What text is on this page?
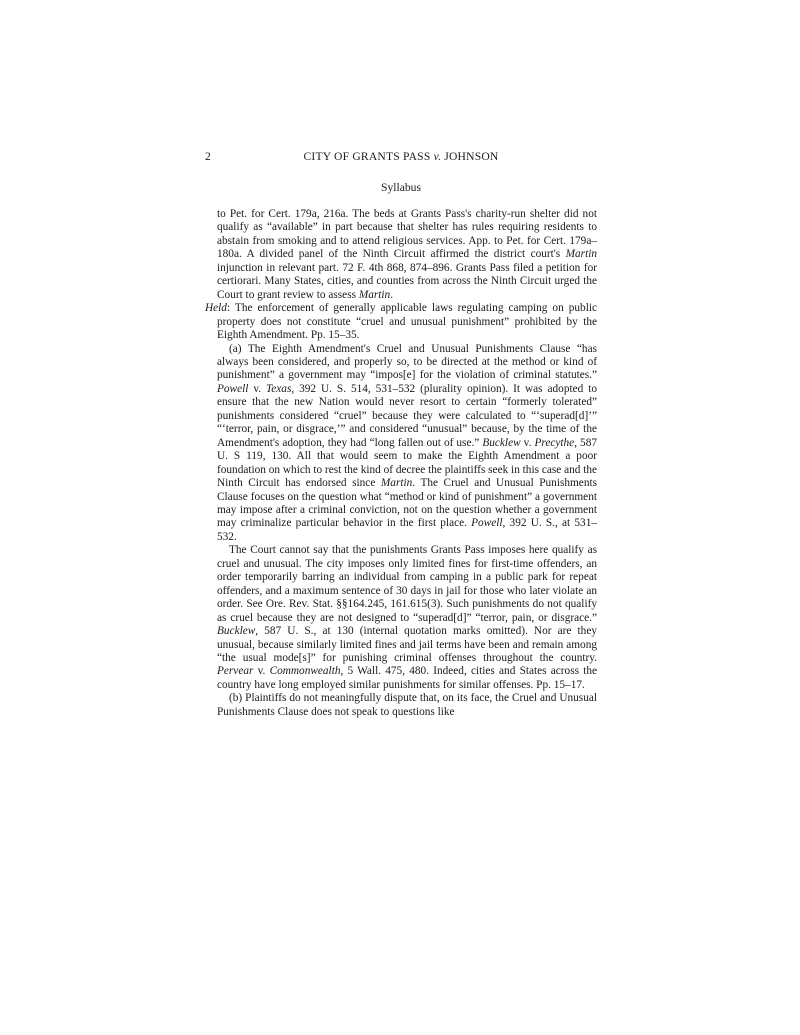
2	CITY OF GRANTS PASS v. JOHNSON
Syllabus

to Pet. for Cert. 179a, 216a. The beds at Grants Pass's charity-run shelter did not qualify as “available” in part because that shelter has rules requiring residents to abstain from smoking and to attend religious services. App. to Pet. for Cert. 179a–180a. A divided panel of the Ninth Circuit affirmed the district court's Martin injunction in relevant part. 72 F. 4th 868, 874–896. Grants Pass filed a petition for certiorari. Many States, cities, and counties from across the Ninth Circuit urged the Court to grant review to assess Martin.

Held: The enforcement of generally applicable laws regulating camping on public property does not constitute “cruel and unusual punishment” prohibited by the Eighth Amendment. Pp. 15–35.

(a) The Eighth Amendment's Cruel and Unusual Punishments Clause “has always been considered, and properly so, to be directed at the method or kind of punishment” a government may “impos[e] for the violation of criminal statutes.” Powell v. Texas, 392 U. S. 514, 531–532 (plurality opinion). It was adopted to ensure that the new Nation would never resort to certain “formerly tolerated” punishments considered “cruel” because they were calculated to “‘superad[d]’” “‘terror, pain, or disgrace,’” and considered “unusual” because, by the time of the Amendment's adoption, they had “long fallen out of use.” Bucklew v. Precythe, 587 U. S 119, 130. All that would seem to make the Eighth Amendment a poor foundation on which to rest the kind of decree the plaintiffs seek in this case and the Ninth Circuit has endorsed since Martin. The Cruel and Unusual Punishments Clause focuses on the question what “method or kind of punishment” a government may impose after a criminal conviction, not on the question whether a government may criminalize particular behavior in the first place. Powell, 392 U. S., at 531–532.

The Court cannot say that the punishments Grants Pass imposes here qualify as cruel and unusual. The city imposes only limited fines for first-time offenders, an order temporarily barring an individual from camping in a public park for repeat offenders, and a maximum sentence of 30 days in jail for those who later violate an order. See Ore. Rev. Stat. §§164.245, 161.615(3). Such punishments do not qualify as cruel because they are not designed to “superad[d]” “terror, pain, or disgrace.” Bucklew, 587 U. S., at 130 (internal quotation marks omitted). Nor are they unusual, because similarly limited fines and jail terms have been and remain among “the usual mode[s]” for punishing criminal offenses throughout the country. Pervear v. Commonwealth, 5 Wall. 475, 480. Indeed, cities and States across the country have long employed similar punishments for similar offenses. Pp. 15–17.

(b) Plaintiffs do not meaningfully dispute that, on its face, the Cruel and Unusual Punishments Clause does not speak to questions like
